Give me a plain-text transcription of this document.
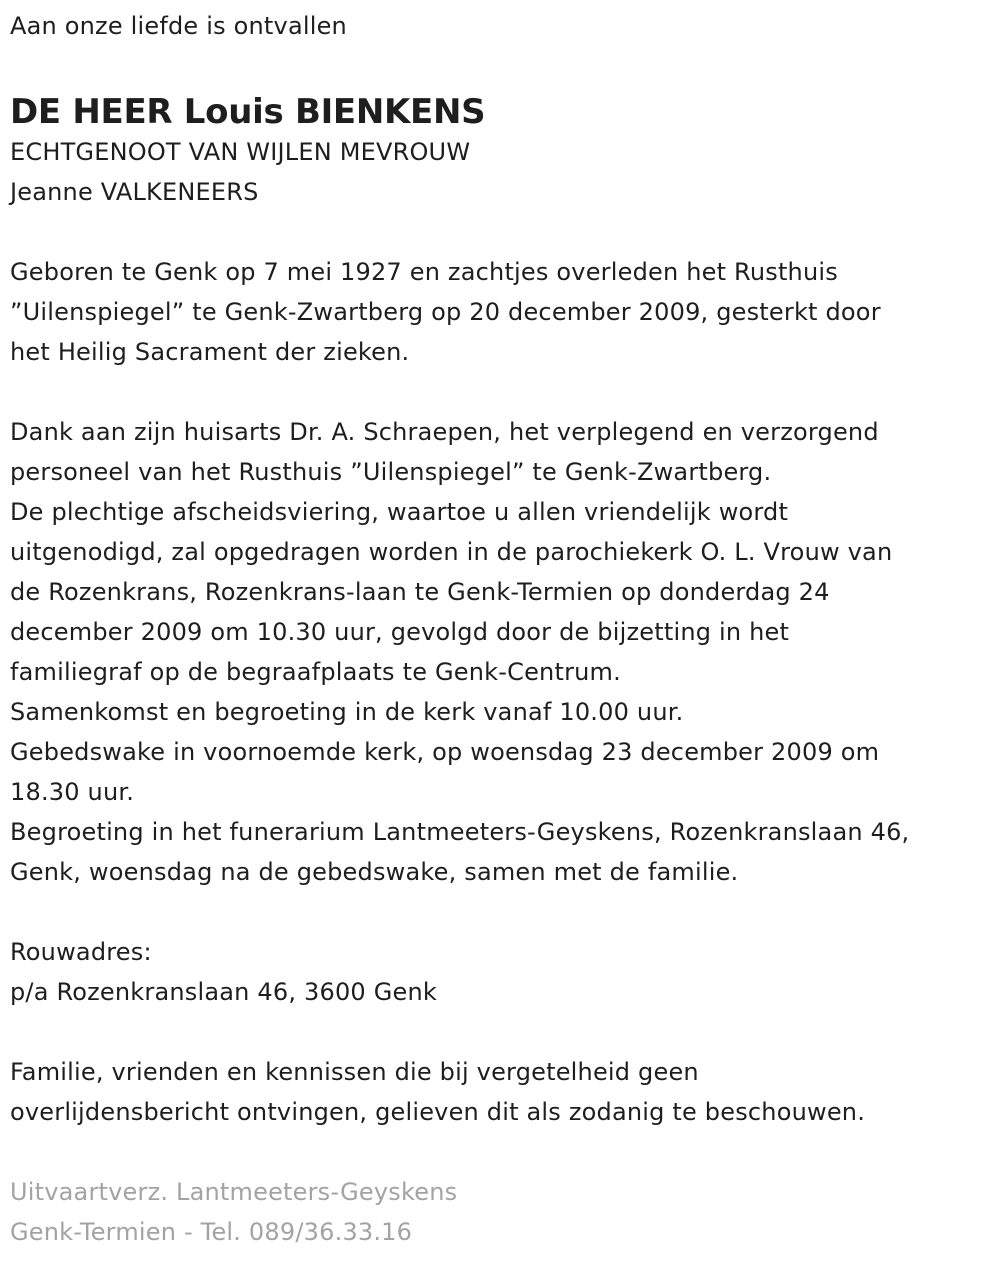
Aan onze liefde is ontvallen
DE HEER Louis BIENKENS
ECHTGENOOT VAN WIJLEN MEVROUW
Jeanne VALKENEERS
Geboren te Genk op 7 mei 1927 en zachtjes overleden het Rusthuis
”Uilenspiegel” te Genk-Zwartberg op 20 december 2009, gesterkt door
het Heilig Sacrament der zieken.
Dank aan zijn huisarts Dr. A. Schraepen, het verplegend en verzorgend
personeel van het Rusthuis ”Uilenspiegel” te Genk-Zwartberg.
De plechtige afscheidsviering, waartoe u allen vriendelijk wordt
uitgenodigd, zal opgedragen worden in de parochiekerk O. L. Vrouw van
de Rozenkrans, Rozenkrans-laan te Genk-Termien op donderdag 24
december 2009 om 10.30 uur, gevolgd door de bijzetting in het
familiegraf op de begraafplaats te Genk-Centrum.
Samenkomst en begroeting in de kerk vanaf 10.00 uur.
Gebedswake in voornoemde kerk, op woensdag 23 december 2009 om
18.30 uur.
Begroeting in het funerarium Lantmeeters-Geyskens, Rozenkranslaan 46,
Genk, woensdag na de gebedswake, samen met de familie.
Rouwadres:
p/a Rozenkranslaan 46, 3600 Genk
Familie, vrienden en kennissen die bij vergetelheid geen
overlijdensbericht ontvingen, gelieven dit als zodanig te beschouwen.
Uitvaartverz. Lantmeeters-Geyskens
Genk-Termien - Tel. 089/36.33.16
